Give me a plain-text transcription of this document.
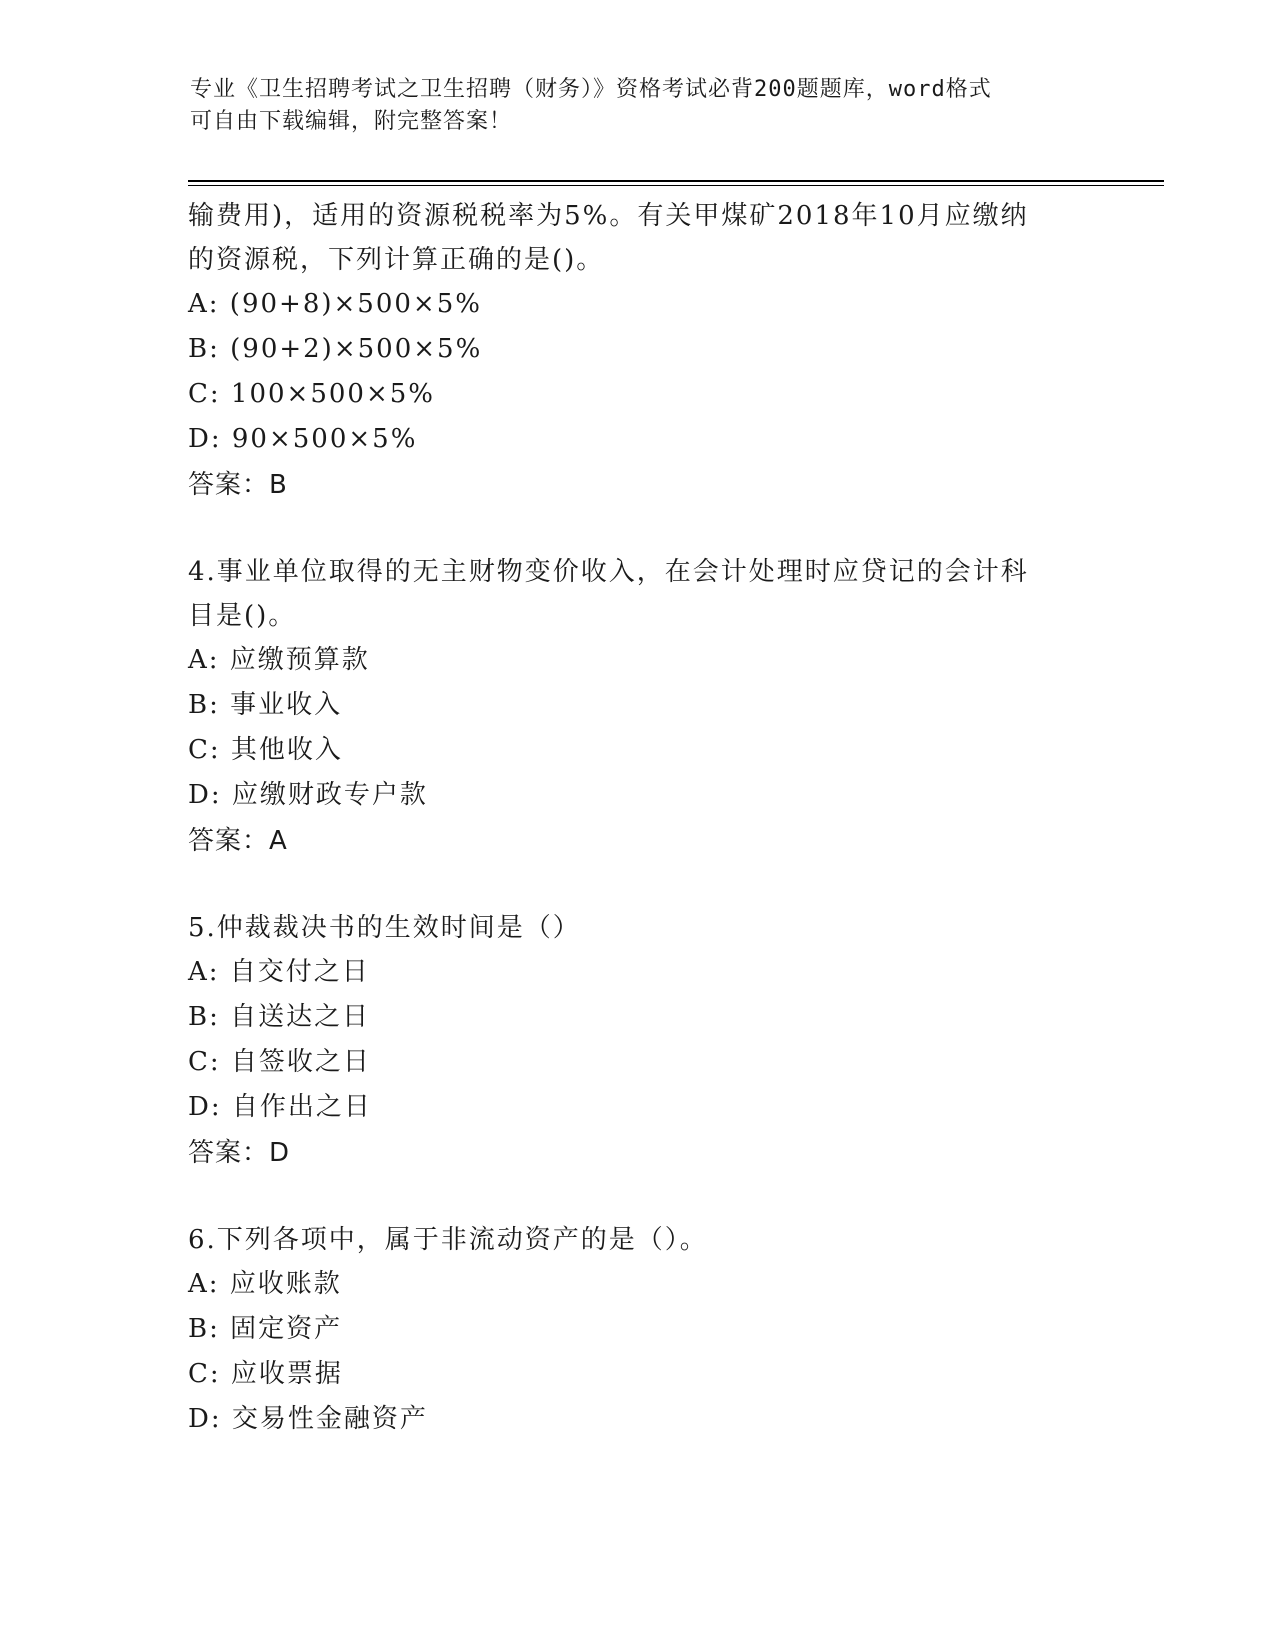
专业《卫生招聘考试之卫生招聘（财务）》资格考试必背200题题库，word格式
可自由下载编辑，附完整答案！
输费用)，适用的资源税税率为5%。有关甲煤矿2018年10月应缴纳
的资源税，下列计算正确的是()。
A: (90+8)×500×5%
B: (90+2)×500×5%
C: 100×500×5%
D: 90×500×5%
答案：B
4.事业单位取得的无主财物变价收入，在会计处理时应贷记的会计科
目是()。
A: 应缴预算款
B: 事业收入
C: 其他收入
D: 应缴财政专户款
答案：A
5.仲裁裁决书的生效时间是（）
A: 自交付之日
B: 自送达之日
C: 自签收之日
D: 自作出之日
答案：D
6.下列各项中，属于非流动资产的是（）。
A: 应收账款
B: 固定资产
C: 应收票据
D: 交易性金融资产
